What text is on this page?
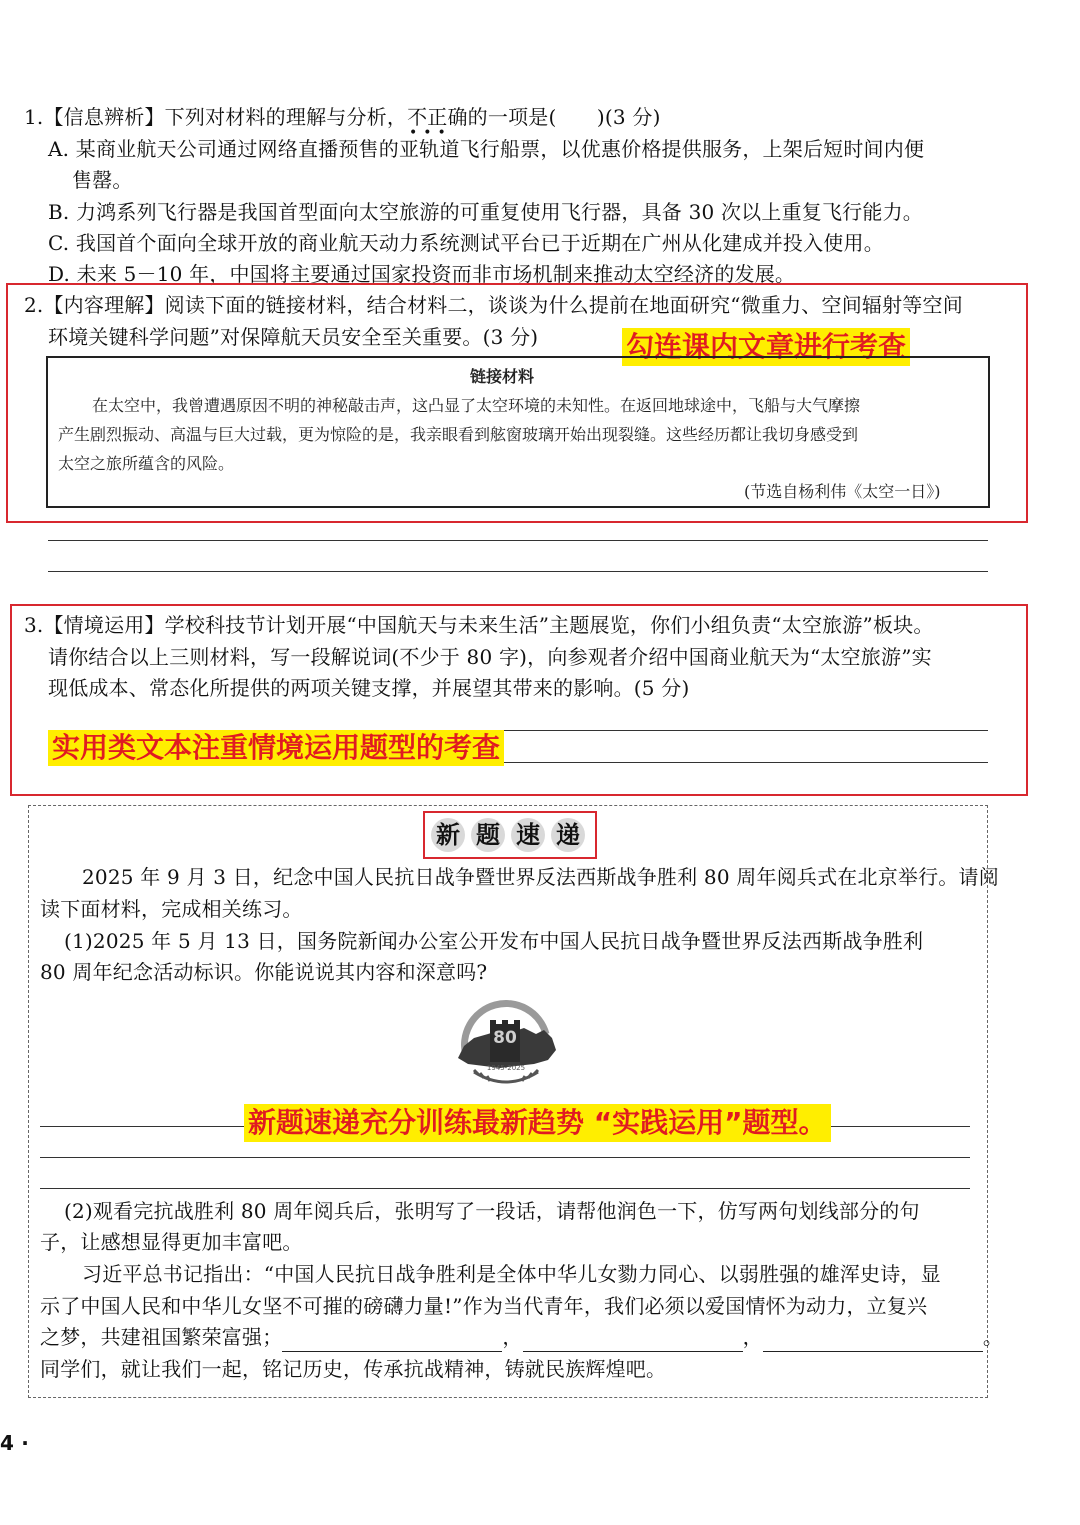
1.【信息辨析】下列对材料的理解与分析，不正确的一项是(　　)(3 分)
•••
A. 某商业航天公司通过网络直播预售的亚轨道飞行船票，以优惠价格提供服务，上架后短时间内便
售罄。
B. 力鸿系列飞行器是我国首型面向太空旅游的可重复使用飞行器，具备 30 次以上重复飞行能力。
C. 我国首个面向全球开放的商业航天动力系统测试平台已于近期在广州从化建成并投入使用。
D. 未来 5－10 年，中国将主要通过国家投资而非市场机制来推动太空经济的发展。
2.【内容理解】阅读下面的链接材料，结合材料二，谈谈为什么提前在地面研究“微重力、空间辐射等空间
环境关键科学问题”对保障航天员安全至关重要。(3 分)	勾连课内文章进行考查
链接材料
在太空中，我曾遭遇原因不明的神秘敲击声，这凸显了太空环境的未知性。在返回地球途中，飞船与大气摩擦
产生剧烈振动、高温与巨大过载，更为惊险的是，我亲眼看到舷窗玻璃开始出现裂缝。这些经历都让我切身感受到
太空之旅所蕴含的风险。
(节选自杨利伟《太空一日》)
3.【情境运用】学校科技节计划开展“中国航天与未来生活”主题展览，你们小组负责“太空旅游”板块。
请你结合以上三则材料，写一段解说词(不少于 80 字)，向参观者介绍中国商业航天为“太空旅游”实
现低成本、常态化所提供的两项关键支撑，并展望其带来的影响。(5 分)
实用类文本注重情境运用题型的考查
新 题 速 递
2025 年 9 月 3 日，纪念中国人民抗日战争暨世界反法西斯战争胜利 80 周年阅兵式在北京举行。请阅
读下面材料，完成相关练习。
(1)2025 年 5 月 13 日，国务院新闻办公室公开发布中国人民抗日战争暨世界反法西斯战争胜利
80 周年纪念活动标识。你能说说其内容和深意吗?
80
1945-2025
新题速递充分训练最新趋势 “实践运用”题型。
(2)观看完抗战胜利 80 周年阅兵后，张明写了一段话，请帮他润色一下，仿写两句划线部分的句
子，让感想显得更加丰富吧。
习近平总书记指出：“中国人民抗日战争胜利是全体中华儿女勠力同心、以弱胜强的雄浑史诗，显
示了中国人民和中华儿女坚不可摧的磅礴力量!”作为当代青年，我们必须以爱国情怀为动力，立复兴
之梦，共建祖国繁荣富强；	，	，	。
同学们，就让我们一起，铭记历史，传承抗战精神，铸就民族辉煌吧。
4 ·
